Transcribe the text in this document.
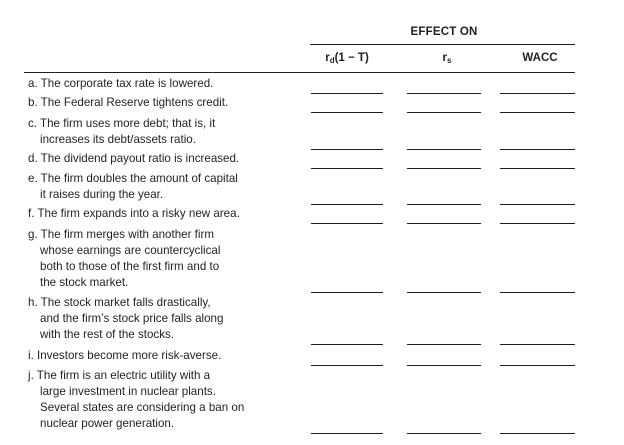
EFFECT ON
$r_d(1 - T)$	$r_s$	WACC
a. The corporate tax rate is lowered.
b. The Federal Reserve tightens credit.
c. The firm uses more debt; that is, it
increases its debt/assets ratio.
d. The dividend payout ratio is increased.
e. The firm doubles the amount of capital
it raises during the year.
f. The firm expands into a risky new area.
g. The firm merges with another firm
whose earnings are countercyclical
both to those of the first firm and to
the stock market.
h. The stock market falls drastically,
and the firm’s stock price falls along
with the rest of the stocks.
i. Investors become more risk-averse.
j. The firm is an electric utility with a
large investment in nuclear plants.
Several states are considering a ban on
nuclear power generation.
